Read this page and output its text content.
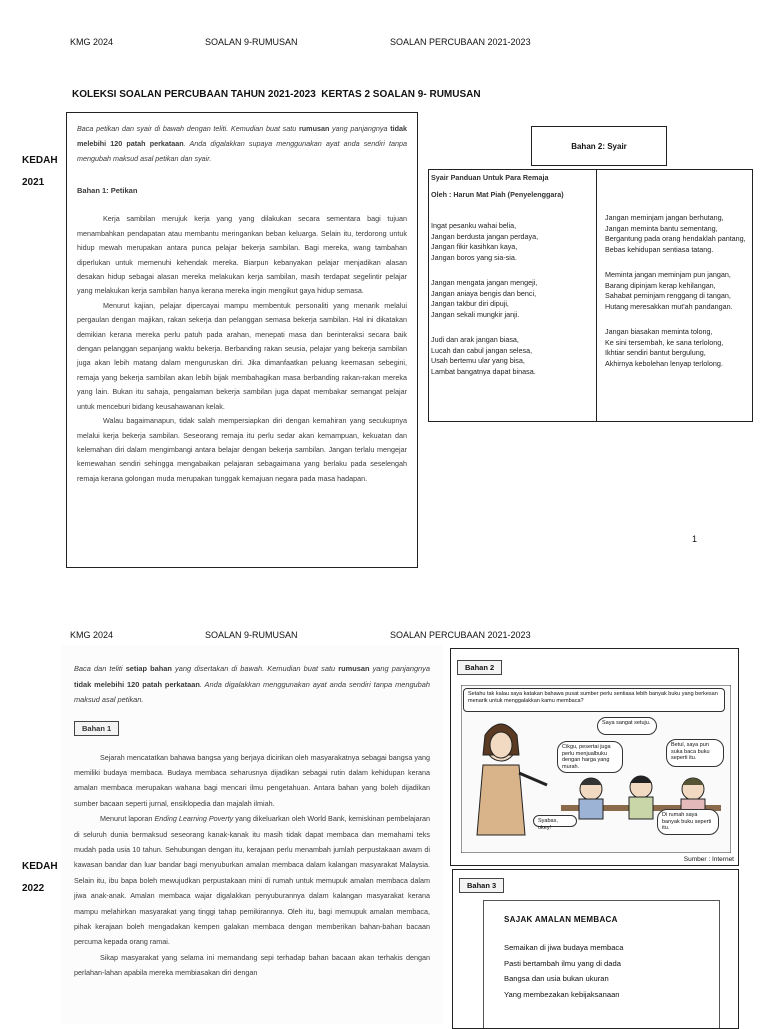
KMG 2024	SOALAN 9-RUMUSAN	SOALAN PERCUBAAN 2021-2023
KOLEKSI SOALAN PERCUBAAN TAHUN 2021-2023  KERTAS 2 SOALAN 9- RUMUSAN
KEDAH
2021

Baca petikan dan syair di bawah dengan teliti. Kemudian buat satu rumusan yang panjangnya tidak melebihi 120 patah perkataan. Anda digalakkan supaya menggunakan ayat anda sendiri tanpa mengubah maksud asal petikan dan syair.

Bahan 1: Petikan

Kerja sambilan merujuk kerja yang yang dilakukan secara sementara bagi tujuan menambahkan pendapatan atau membantu meringankan beban keluarga. Selain itu, terdorong untuk hidup mewah merupakan antara punca pelajar bekerja sambilan. Bagi mereka, wang tambahan diperlukan untuk memenuhi kehendak mereka. Biarpun kebanyakan pelajar menjadikan alasan desakan hidup sebagai alasan mereka melakukan kerja sambilan, masih terdapat segelintir pelajar yang melakukan kerja sambilan hanya kerana mereka ingin mengikut gaya hidup semasa.

Menurut kajian, pelajar dipercayai mampu membentuk personaliti yang menarik melalui pergaulan dengan majikan, rakan sekerja dan pelanggan semasa bekerja sambilan. Hal ini dikatakan demikian kerana mereka perlu patuh pada arahan, menepati masa dan berinteraksi secara baik dengan pelanggan sepanjang waktu bekerja. Berbanding rakan seusia, pelajar yang bekerja sambilan juga akan lebih matang dalam menguruskan diri. Jika dimanfaatkan peluang keemasan sebegini, remaja yang bekerja sambilan akan lebih bijak membahagikan masa berbanding rakan-rakan mereka yang lain. Bukan itu sahaja, pengalaman bekerja sambilan juga dapat membakar semangat pelajar untuk menceburi bidang keusahawanan kelak.

Walau bagaimanapun, tidak salah mempersiapkan diri dengan kemahiran yang secukupnya melalui kerja bekerja sambilan. Seseorang remaja itu perlu sedar akan kemampuan, kekuatan dan kelemahan diri dalam mengimbangi antara belajar dengan bekerja sambilan. Jangan terlalu mengejar kemewahan sendiri sehingga mengabaikan pelajaran sebagaimana yang berlaku pada seselengah remaja kerana golongan muda merupakan tunggak kemajuan negara pada masa hadapan.

Bahan 2: Syair
Syair Panduan Untuk Para Remaja
Oleh : Harun Mat Piah (Penyelenggara)

Ingat pesanku wahai belia,
Jangan berdusta jangan perdaya,
Jangan fikir kasihkan kaya,
Jangan boros yang sia-sia.

Jangan mengata jangan mengeji,
Jangan aniaya bengis dan benci,
Jangan takbur diri dipuji,
Jangan sekali mungkir janji.

Judi dan arak jangan biasa,
Lucah dan cabul jangan selesa,
Usah bertemu ular yang bisa,
Lambat bangatnya dapat binasa.

Jangan meminjam jangan berhutang,
Jangan meminta bantu sementang,
Bergantung pada orang hendaklah pantang,
Bebas kehidupan sentiasa tatang.

Meminta jangan meminjam pun jangan,
Barang dipinjam kerap kehilangan,
Sahabat peminjam renggang di tangan,
Hutang meresakkan mut'ah pandangan.

Jangan biasakan meminta tolong,
Ke sini tersembah, ke sana terlolong,
Ikhtiar sendiri bantut bergulung,
Akhirnya kebolehan lenyap terlolong.

1
KMG 2024	SOALAN 9-RUMUSAN	SOALAN PERCUBAAN 2021-2023
KEDAH
2022

Baca dan teliti setiap bahan yang disertakan di bawah. Kemudian buat satu rumusan yang panjangnya tidak melebihi 120 patah perkataan. Anda digalakkan menggunakan ayat anda sendiri tanpa mengubah maksud asal petikan.

Bahan 1

Sejarah mencatatkan bahawa bangsa yang berjaya dicirikan oleh masyarakatnya sebagai bangsa yang memiliki budaya membaca. Budaya membaca seharusnya dijadikan sebagai rutin dalam kehidupan kerana amalan membaca merupakan wahana bagi mencari ilmu pengetahuan. Antara bahan yang boleh dijadikan sumber bacaan seperti jurnal, ensiklopedia dan majalah ilmiah.

Menurut laporan Ending Learning Poverty yang dikeluarkan oleh World Bank, kemiskinan pembelajaran di seluruh dunia bermaksud seseorang kanak-kanak itu masih tidak dapat membaca dan memahami teks mudah pada usia 10 tahun. Sehubungan dengan itu, kerajaan perlu menambah jumlah perpustakaan awam di kawasan bandar dan luar bandar bagi menyuburkan amalan membaca dalam kalangan masyarakat Malaysia. Selain itu, ibu bapa boleh mewujudkan perpustakaan mini di rumah untuk memupuk amalan membaca dalam jiwa anak-anak. Amalan membaca wajar digalakkan penyuburannya dalam kalangan masyarakat kerana mampu melahirkan masyarakat yang tinggi tahap pemikirannya. Oleh itu, bagi memupuk amalan membaca, pihak kerajaan boleh mengadakan kempen galakan membaca dengan memberikan bahan-bahan bacaan percuma kepada orang ramai.

Sikap masyarakat yang selama ini memandang sepi terhadap bahan bacaan akan terhakis dengan perlahan-lahan apabila mereka membiasakan diri dengan

Bahan 2
Setahu tak kalau saya katakan bahawa pusat sumber perlu sentiasa lebih banyak buku yang berkesan menarik untuk menggalakkan kamu membaca?
Saya sangat setuju.
Cikgu, pesertai juga perlu menjualbuku dengan harga yang murah.
Betul, saya pun suka baca buku seperti itu.
Syabas, okey!
Di rumah saya banyak buku seperti itu.
Sumber : Internet
Bahan 3
SAJAK AMALAN MEMBACA
Semaikan di jiwa budaya membaca
Pasti bertambah ilmu yang di dada
Bangsa dan usia bukan ukuran
Yang membezakan kebijaksanaan
